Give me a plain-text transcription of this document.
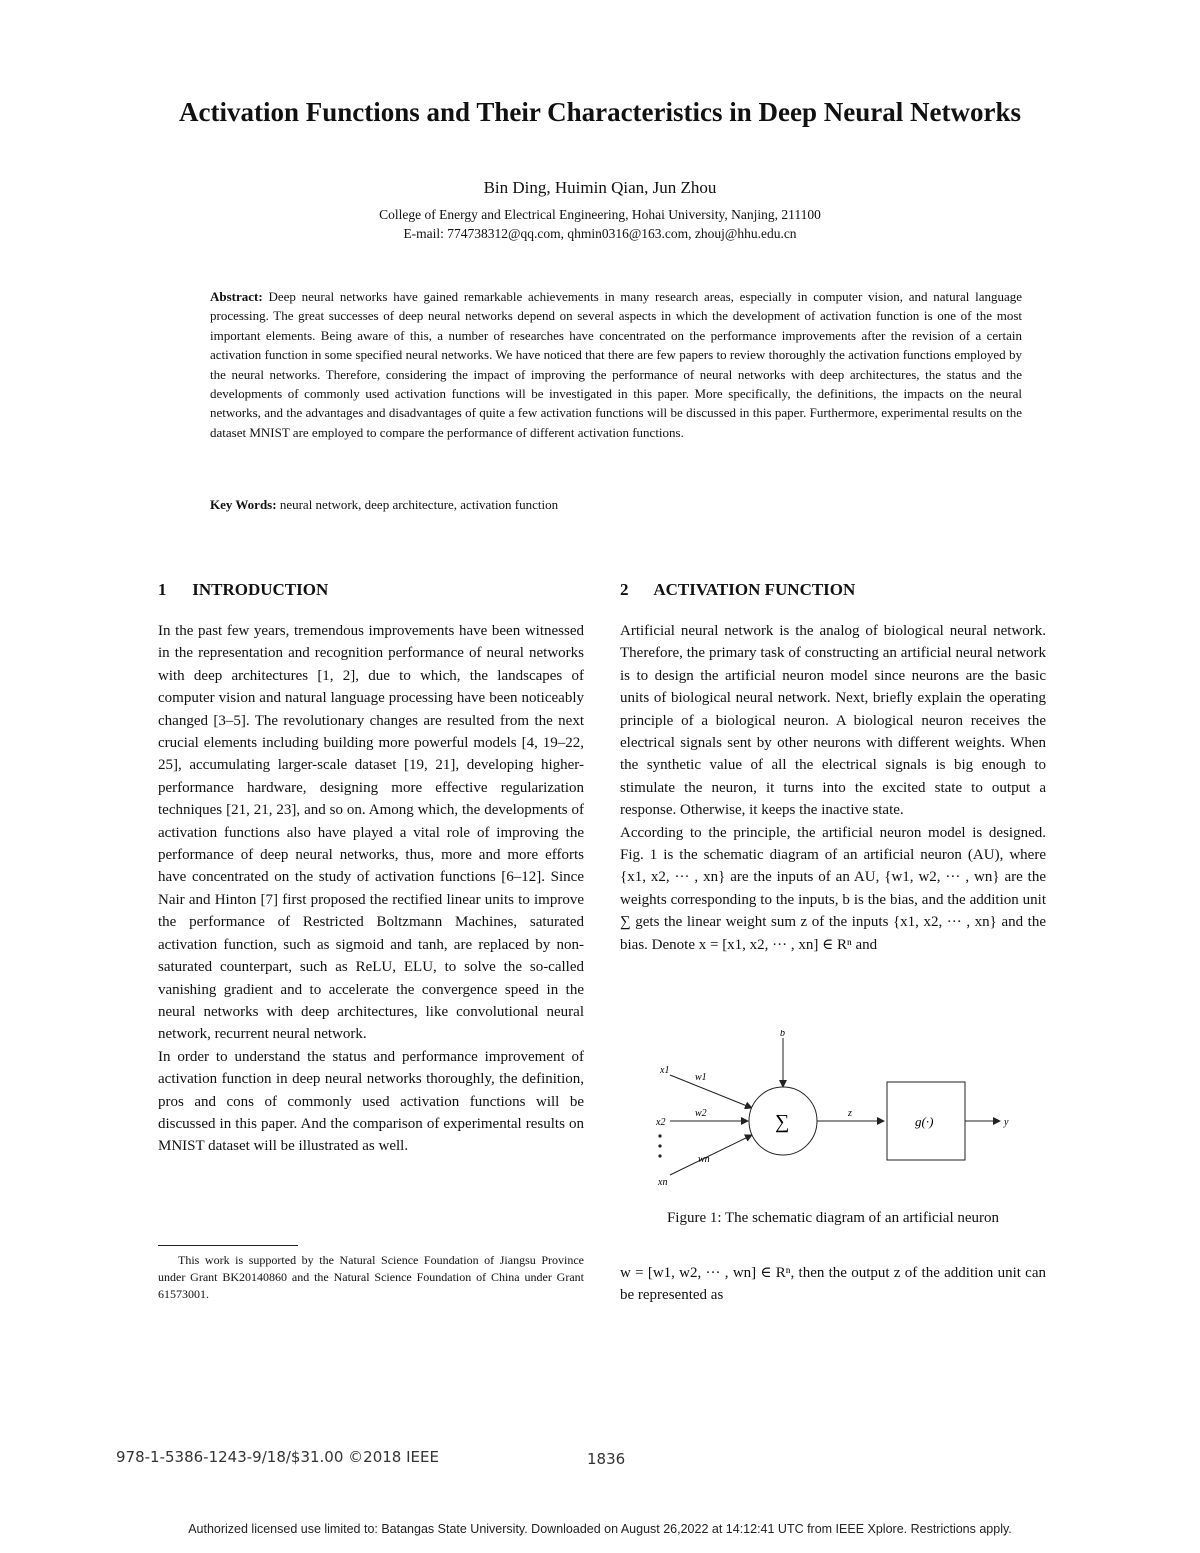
Activation Functions and Their Characteristics in Deep Neural Networks
Bin Ding, Huimin Qian, Jun Zhou
College of Energy and Electrical Engineering, Hohai University, Nanjing, 211100
E-mail: 774738312@qq.com, qhmin0316@163.com, zhouj@hhu.edu.cn
Abstract: Deep neural networks have gained remarkable achievements in many research areas, especially in computer vision, and natural language processing. The great successes of deep neural networks depend on several aspects in which the development of activation function is one of the most important elements. Being aware of this, a number of researches have concentrated on the performance improvements after the revision of a certain activation function in some specified neural networks. We have noticed that there are few papers to review thoroughly the activation functions employed by the neural networks. Therefore, considering the impact of improving the performance of neural networks with deep architectures, the status and the developments of commonly used activation functions will be investigated in this paper. More specifically, the definitions, the impacts on the neural networks, and the advantages and disadvantages of quite a few activation functions will be discussed in this paper. Furthermore, experimental results on the dataset MNIST are employed to compare the performance of different activation functions.
Key Words: neural network, deep architecture, activation function
1 INTRODUCTION

In the past few years, tremendous improvements have been witnessed in the representation and recognition performance of neural networks with deep architectures [1, 2], due to which, the landscapes of computer vision and natural language processing have been noticeably changed [3–5]. The revolutionary changes are resulted from the next crucial elements including building more powerful models [4, 19–22, 25], accumulating larger-scale dataset [19, 21], developing higher-performance hardware, designing more effective regularization techniques [21, 21, 23], and so on. Among which, the developments of activation functions also have played a vital role of improving the performance of deep neural networks, thus, more and more efforts have concentrated on the study of activation functions [6–12]. Since Nair and Hinton [7] first proposed the rectified linear units to improve the performance of Restricted Boltzmann Machines, saturated activation function, such as sigmoid and tanh, are replaced by non-saturated counterpart, such as ReLU, ELU, to solve the so-called vanishing gradient and to accelerate the convergence speed in the neural networks with deep architectures, like convolutional neural network, recurrent neural network.

In order to understand the status and performance improvement of activation function in deep neural networks thoroughly, the definition, pros and cons of commonly used activation functions will be discussed in this paper. And the comparison of experimental results on MNIST dataset will be illustrated as well.

This work is supported by the Natural Science Foundation of Jiangsu Province under Grant BK20140860 and the Natural Science Foundation of China under Grant 61573001.
2 ACTIVATION FUNCTION

Artificial neural network is the analog of biological neural network. Therefore, the primary task of constructing an artificial neural network is to design the artificial neuron model since neurons are the basic units of biological neural network. Next, briefly explain the operating principle of a biological neuron. A biological neuron receives the electrical signals sent by other neurons with different weights. When the synthetic value of all the electrical signals is big enough to stimulate the neuron, it turns into the excited state to output a response. Otherwise, it keeps the inactive state.

According to the principle, the artificial neuron model is designed. Fig. 1 is the schematic diagram of an artificial neuron (AU), where {x1, x2, ··· , xn} are the inputs of an AU, {w1, w2, ··· , wn} are the weights corresponding to the inputs, b is the bias, and the addition unit ∑ gets the linear weight sum z of the inputs {x1, x2, ··· , xn} and the bias. Denote x = [x1, x2, ··· , xn] ∈ Rⁿ and

x1
x2
xn
w1
w2
wn
b
∑	z
g(·)	y
Figure 1: The schematic diagram of an artificial neuron
w = [w1, w2, ··· , wn] ∈ Rⁿ, then the output z of the addition unit can be represented as
978-1-5386-1243-9/18/$31.00 ©2018 IEEE	1836
Authorized licensed use limited to: Batangas State University. Downloaded on August 26,2022 at 14:12:41 UTC from IEEE Xplore. Restrictions apply.
